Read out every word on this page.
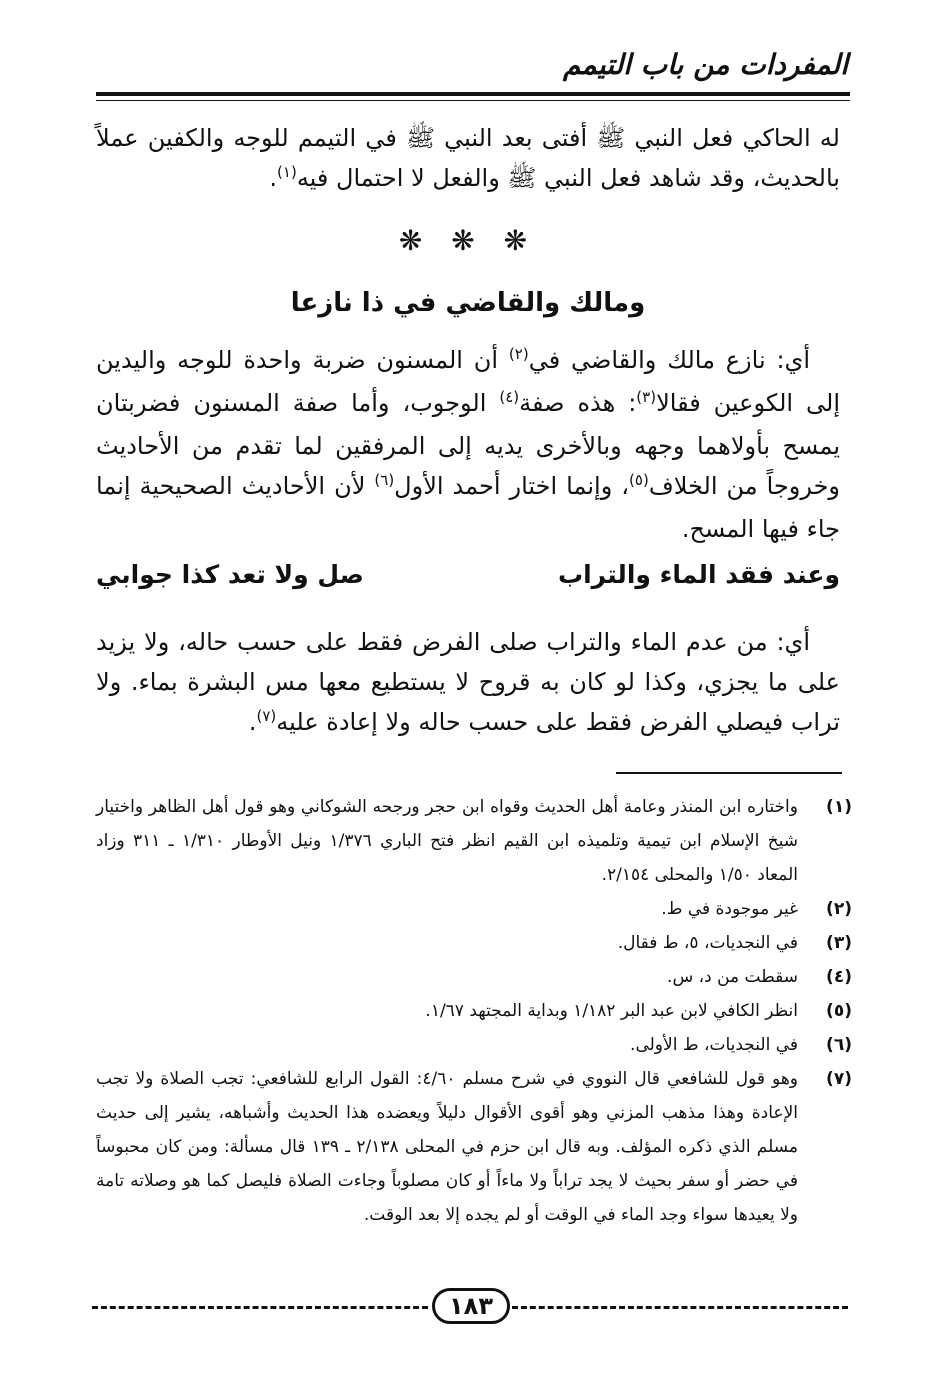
المفردات من باب التيمم

له الحاكي فعل النبي ﷺ أفتى بعد النبي ﷺ في التيمم للوجه والكفين عملاً بالحديث، وقد شاهد فعل النبي ﷺ والفعل لا احتمال فيه$^{(١)}$.

❋ ❋ ❋
ومالك والقاضي في ذا نازعا

أي: نازع مالك والقاضي في$^{(٢)}$ أن المسنون ضربة واحدة للوجه واليدين إلى الكوعين فقالا$^{(٣)}$: هذه صفة$^{(٤)}$ الوجوب، وأما صفة المسنون فضربتان يمسح بأولاهما وجهه وبالأخرى يديه إلى المرفقين لما تقدم من الأحاديث وخروجاً من الخلاف$^{(٥)}$، وإنما اختار أحمد الأول$^{(٦)}$ لأن الأحاديث الصحيحية إنما جاء فيها المسح.

وعند فقد الماء والتراب
صل ولا تعد كذا جوابي

أي: من عدم الماء والتراب صلى الفرض فقط على حسب حاله، ولا يزيد على ما يجزي، وكذا لو كان به قروح لا يستطيع معها مس البشرة بماء. ولا تراب فيصلي الفرض فقط على حسب حاله ولا إعادة عليه$^{(٧)}$.

(١)
واختاره ابن المنذر وعامة أهل الحديث وقواه ابن حجر ورجحه الشوكاني وهو قول أهل الظاهر واختيار شيخ الإسلام ابن تيمية وتلميذه ابن القيم انظر فتح الباري ١/٣٧٦ ونيل الأوطار ١/٣١٠ ـ ٣١١ وزاد المعاد ١/٥٠ والمحلى ٢/١٥٤.
(٢)
غير موجودة في ط.
(٣)
في النجديات، ٥، ط فقال.
(٤)
سقطت من د، س.
(٥)
انظر الكافي لابن عبد البر ١/١٨٢ وبداية المجتهد ١/٦٧.
(٦)
في النجديات، ط الأولى.
(٧)
وهو قول للشافعي قال النووي في شرح مسلم ٤/٦٠: القول الرابع للشافعي: تجب الصلاة ولا تجب الإعادة وهذا مذهب المزني وهو أقوى الأقوال دليلاً ويعضده هذا الحديث وأشباهه، يشير إلى حديث مسلم الذي ذكره المؤلف. وبه قال ابن حزم في المحلى ٢/١٣٨ ـ ١٣٩ قال مسألة: ومن كان محبوساً في حضر أو سفر بحيث لا يجد تراباً ولا ماءاً أو كان مصلوباً وجاءت الصلاة فليصل كما هو وصلاته تامة ولا يعيدها سواء وجد الماء في الوقت أو لم يجده إلا بعد الوقت.
١٨٣
